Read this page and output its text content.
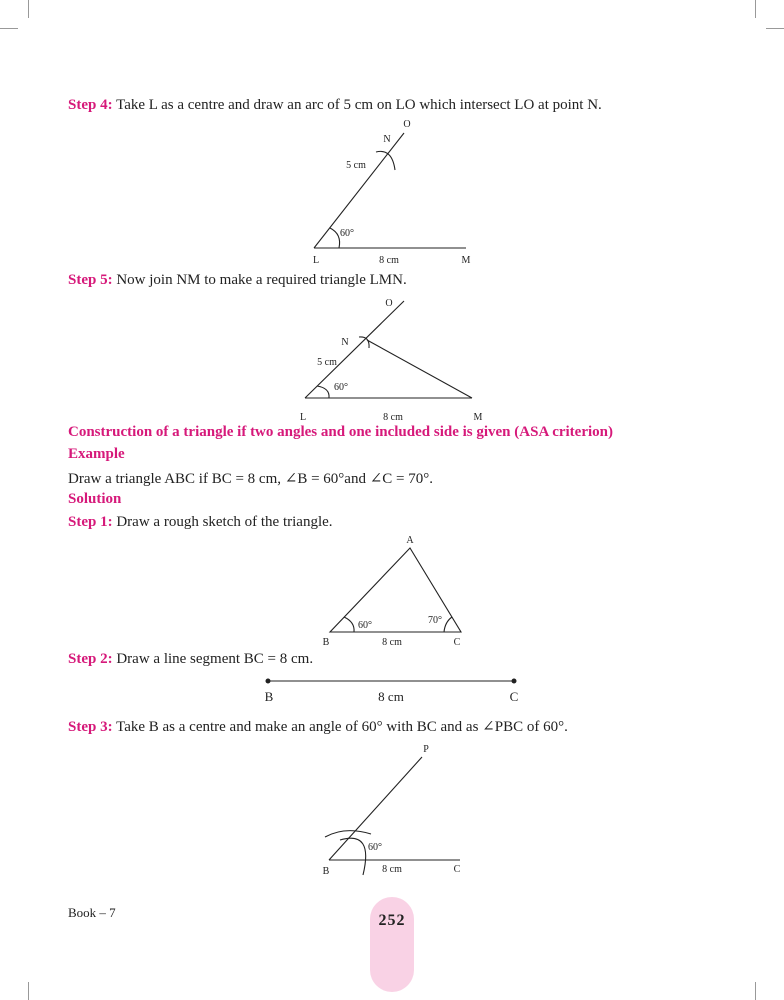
Step 4: Take L as a centre and draw an arc of 5 cm on LO which intersect LO at point N.
Step 5: Now join NM to make a required triangle LMN.
Construction of a triangle if two angles and one included side is given (ASA criterion)
Example
Draw a triangle ABC if BC = 8 cm, ∠B = 60°and ∠C = 70°.
Solution
Step 1: Draw a rough sketch of the triangle.
Step 2: Draw a line segment BC = 8 cm.
Step 3: Take B as a centre and make an angle of 60° with BC and as ∠PBC of 60°.
O
N
5 cm
60°
L	8 cm	M
O
N
5 cm
60°
L	8 cm	M
A
60°	70°
B	8 cm	C
B	8 cm	C
P
60°
B	8 cm	C
Book – 7	252
